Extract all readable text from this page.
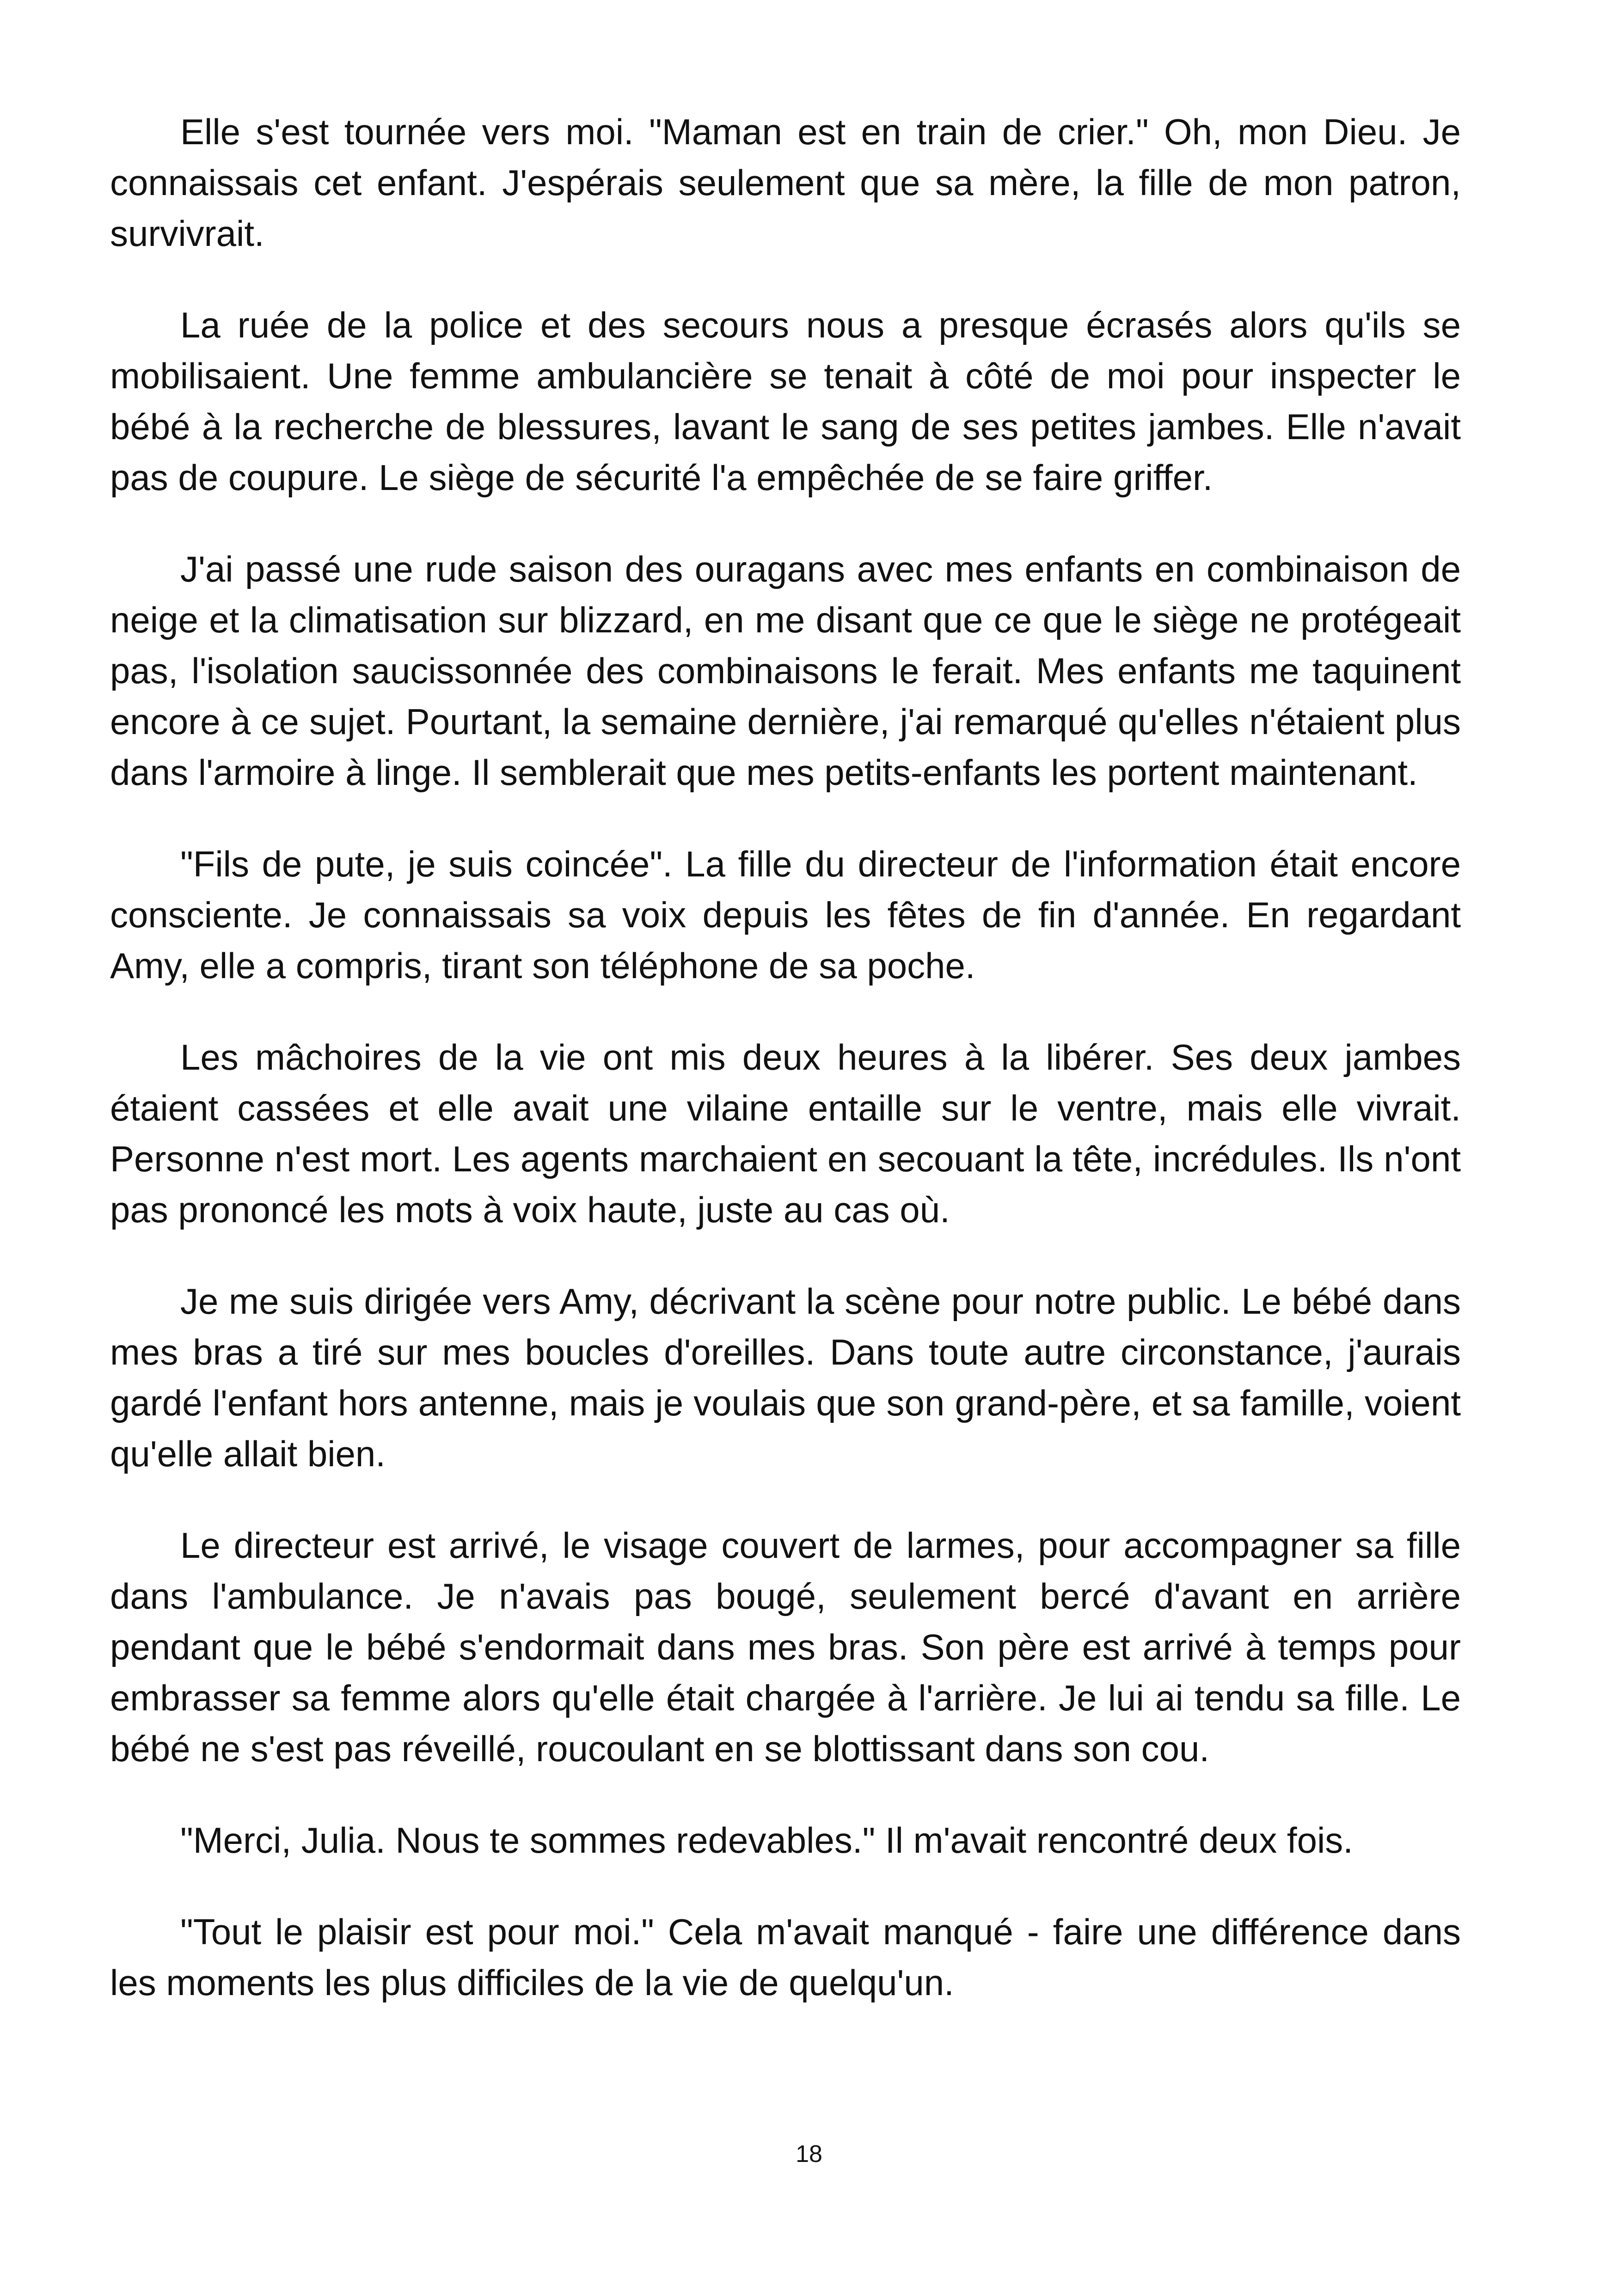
Elle s'est tournée vers moi. "Maman est en train de crier." Oh, mon Dieu. Je connaissais cet enfant. J'espérais seulement que sa mère, la fille de mon patron, survivrait.

La ruée de la police et des secours nous a presque écrasés alors qu'ils se mobilisaient. Une femme ambulancière se tenait à côté de moi pour inspecter le bébé à la recherche de blessures, lavant le sang de ses petites jambes. Elle n'avait pas de coupure. Le siège de sécurité l'a empêchée de se faire griffer.

J'ai passé une rude saison des ouragans avec mes enfants en combinaison de neige et la climatisation sur blizzard, en me disant que ce que le siège ne protégeait pas, l'isolation saucissonnée des combinaisons le ferait. Mes enfants me taquinent encore à ce sujet. Pourtant, la semaine dernière, j'ai remarqué qu'elles n'étaient plus dans l'armoire à linge. Il semblerait que mes petits-enfants les portent maintenant.

"Fils de pute, je suis coincée". La fille du directeur de l'information était encore consciente. Je connaissais sa voix depuis les fêtes de fin d'année. En regardant Amy, elle a compris, tirant son téléphone de sa poche.

Les mâchoires de la vie ont mis deux heures à la libérer. Ses deux jambes étaient cassées et elle avait une vilaine entaille sur le ventre, mais elle vivrait. Personne n'est mort. Les agents marchaient en secouant la tête, incrédules. Ils n'ont pas prononcé les mots à voix haute, juste au cas où.

Je me suis dirigée vers Amy, décrivant la scène pour notre public. Le bébé dans mes bras a tiré sur mes boucles d'oreilles. Dans toute autre circonstance, j'aurais gardé l'enfant hors antenne, mais je voulais que son grand-père, et sa famille, voient qu'elle allait bien.

Le directeur est arrivé, le visage couvert de larmes, pour accompagner sa fille dans l'ambulance. Je n'avais pas bougé, seulement bercé d'avant en arrière pendant que le bébé s'endormait dans mes bras. Son père est arrivé à temps pour embrasser sa femme alors qu'elle était chargée à l'arrière. Je lui ai tendu sa fille. Le bébé ne s'est pas réveillé, roucoulant en se blottissant dans son cou.

"Merci, Julia. Nous te sommes redevables." Il m'avait rencontré deux fois.

"Tout le plaisir est pour moi." Cela m'avait manqué - faire une différence dans les moments les plus difficiles de la vie de quelqu'un.

18
